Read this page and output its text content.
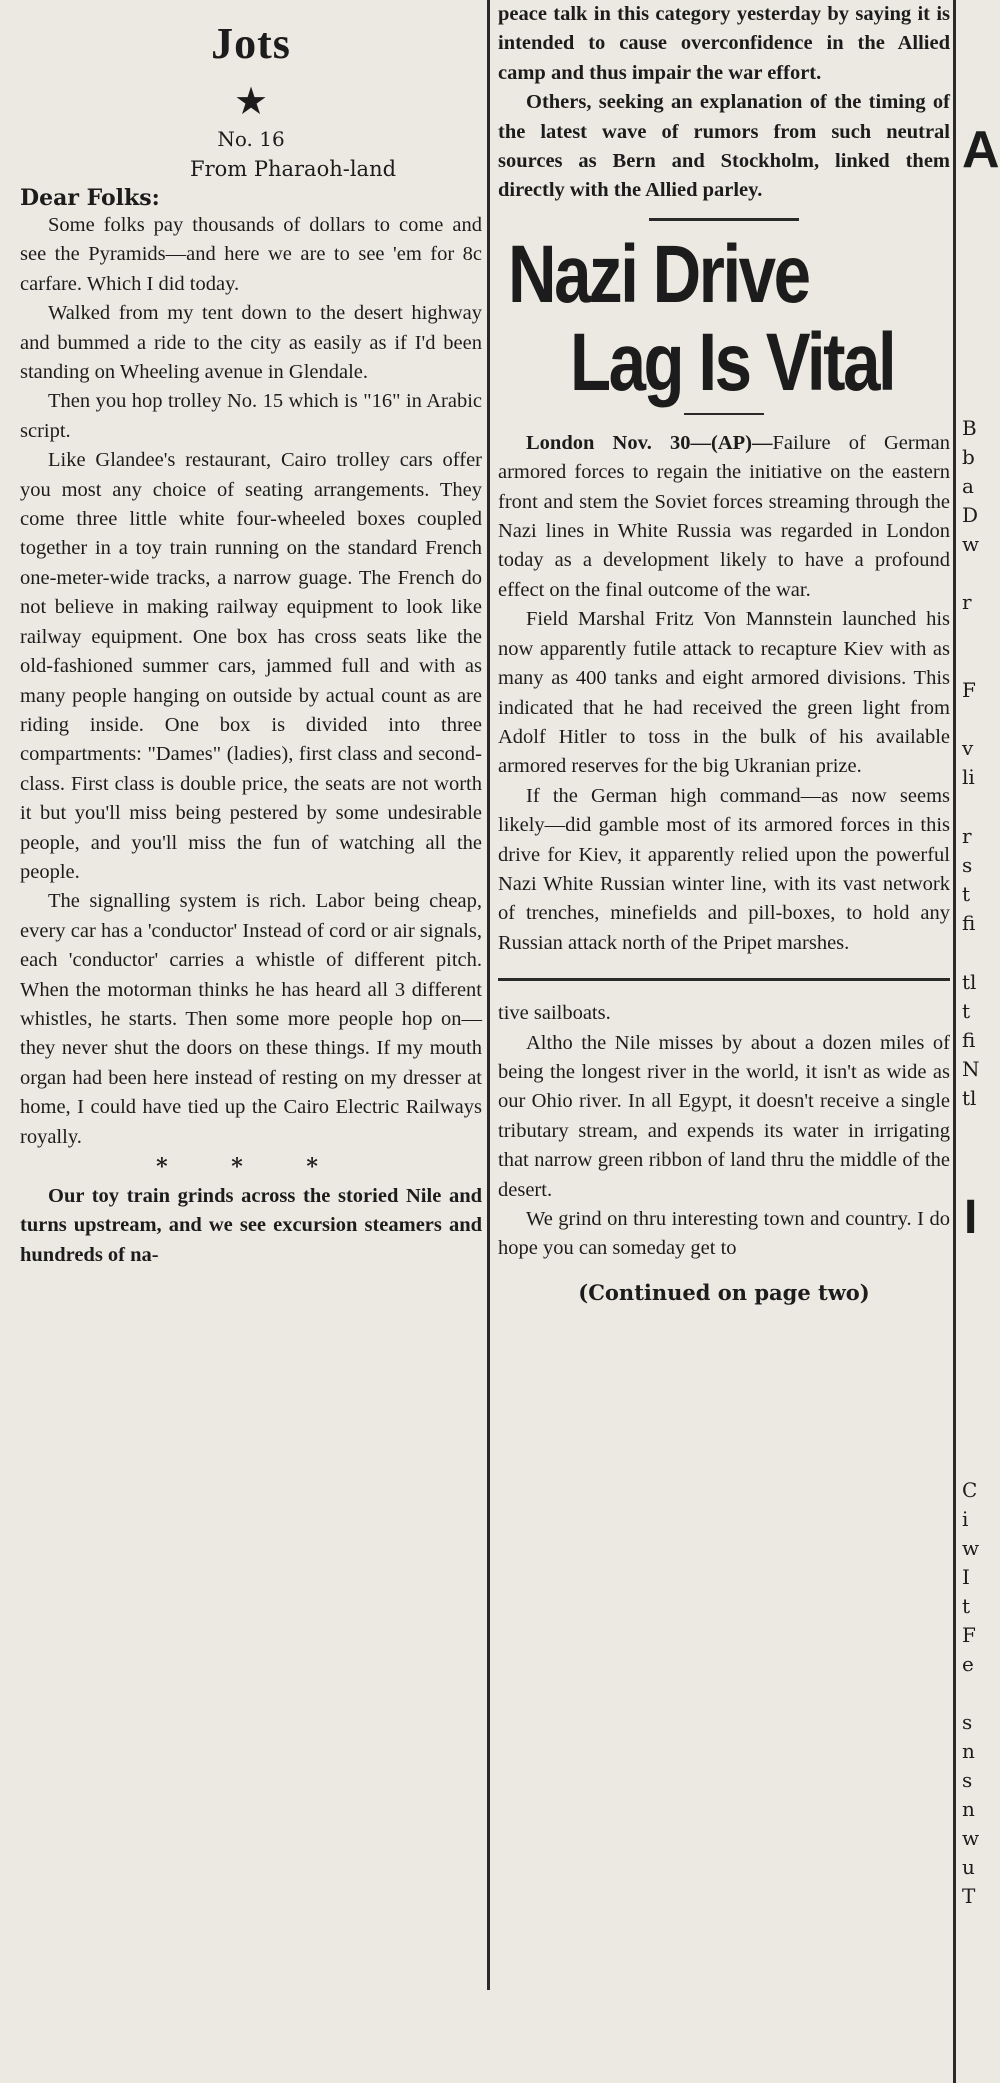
Jots
★
No. 16
From Pharaoh-land
Dear Folks:

Some folks pay thousands of dollars to come and see the Pyramids—and here we are to see 'em for 8c carfare. Which I did today.

Walked from my tent down to the desert highway and bummed a ride to the city as easily as if I'd been standing on Wheeling avenue in Glendale.

Then you hop trolley No. 15 which is "16" in Arabic script.

Like Glandee's restaurant, Cairo trolley cars offer you most any choice of seating arrangements. They come three little white four-wheeled boxes coupled together in a toy train running on the standard French one-meter-wide tracks, a narrow guage. The French do not believe in making railway equipment to look like railway equipment. One box has cross seats like the old-fashioned summer cars, jammed full and with as many people hanging on outside by actual count as are riding inside. One box is divided into three compartments: "Dames" (ladies), first class and second-class. First class is double price, the seats are not worth it but you'll miss being pestered by some undesirable people, and you'll miss the fun of watching all the people.

The signalling system is rich. Labor being cheap, every car has a 'conductor' Instead of cord or air signals, each 'conductor' carries a whistle of different pitch. When the motorman thinks he has heard all 3 different whistles, he starts. Then some more people hop on—they never shut the doors on these things. If my mouth organ had been here instead of resting on my dresser at home, I could have tied up the Cairo Electric Railways royally.

* * *

Our toy train grinds across the storied Nile and turns upstream, and we see excursion steamers and hundreds of na-

peace talk in this category yesterday by saying it is intended to cause overconfidence in the Allied camp and thus impair the war effort.

Others, seeking an explanation of the timing of the latest wave of rumors from such neutral sources as Bern and Stockholm, linked them directly with the Allied parley.

Nazi Drive
Lag Is Vital

London Nov. 30—(AP)—Failure of German armored forces to regain the initiative on the eastern front and stem the Soviet forces streaming through the Nazi lines in White Russia was regarded in London today as a development likely to have a profound effect on the final outcome of the war.

Field Marshal Fritz Von Mannstein launched his now apparently futile attack to recapture Kiev with as many as 400 tanks and eight armored divisions. This indicated that he had received the green light from Adolf Hitler to toss in the bulk of his available armored reserves for the big Ukranian prize.

If the German high command—as now seems likely—did gamble most of its armored forces in this drive for Kiev, it apparently relied upon the powerful Nazi White Russian winter line, with its vast network of trenches, minefields and pill-boxes, to hold any Russian attack north of the Pripet marshes.

tive sailboats.

Altho the Nile misses by about a dozen miles of being the longest river in the world, it isn't as wide as our Ohio river. In all Egypt, it doesn't receive a single tributary stream, and expends its water in irrigating that narrow green ribbon of land thru the middle of the desert.

We grind on thru interesting town and country. I do hope you can someday get to

(Continued on page two)
A
B
b
a
D
w
r
F
v
li
r
s
t
fi
tl
t
fi
N
tl
I
C
i
w
I
t
F
e
s
n
s
n
w
u
T
